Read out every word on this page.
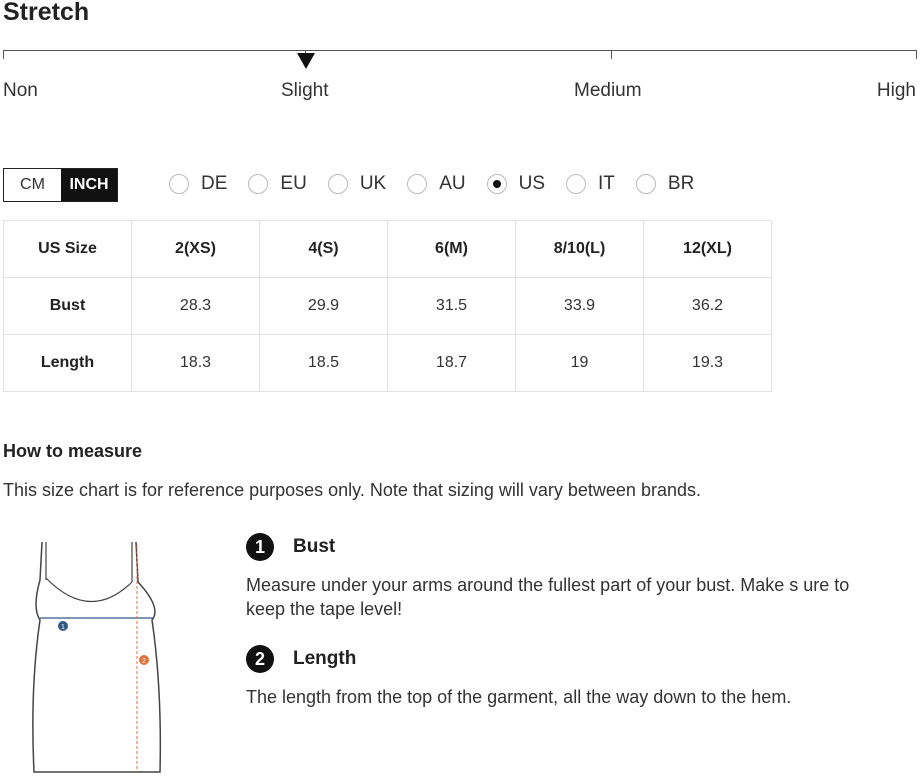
Stretch
Non	Slight	Medium	High
CM	INCH	DE	EU	UK	AU	US	IT	BR
US Size	2(XS)	4(S)	6(M)	8/10(L)	12(XL)
Bust	28.3	29.9	31.5	33.9	36.2
Length	18.3	18.5	18.7	19	19.3
How to measure
This size chart is for reference purposes only. Note that sizing will vary between brands.
1
2
1	Bust
Measure under your arms around the fullest part of your bust. Make s ure to keep the tape level!
2	Length
The length from the top of the garment, all the way down to the hem.
